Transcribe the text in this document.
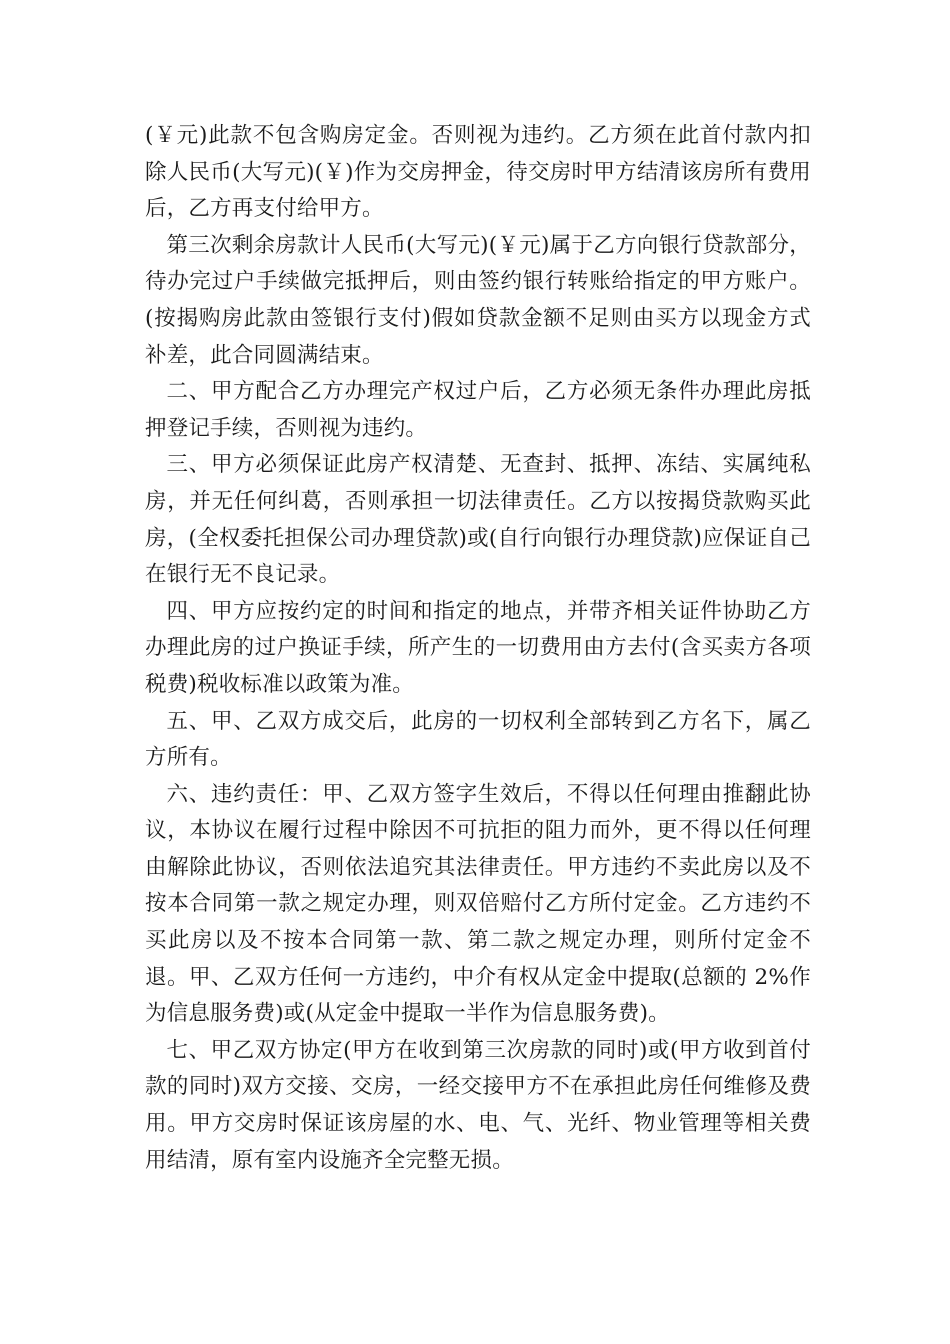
(￥元)此款不包含购房定金。否则视为违约。乙方须在此首付款内扣除人民币(大写元)(￥)作为交房押金，待交房时甲方结清该房所有费用后，乙方再支付给甲方。

第三次剩余房款计人民币(大写元)(￥元)属于乙方向银行贷款部分，待办完过户手续做完抵押后，则由签约银行转账给指定的甲方账户。(按揭购房此款由签银行支付)假如贷款金额不足则由买方以现金方式补差，此合同圆满结束。

二、甲方配合乙方办理完产权过户后，乙方必须无条件办理此房抵押登记手续，否则视为违约。

三、甲方必须保证此房产权清楚、无查封、抵押、冻结、实属纯私房，并无任何纠葛，否则承担一切法律责任。乙方以按揭贷款购买此房，(全权委托担保公司办理贷款)或(自行向银行办理贷款)应保证自己在银行无不良记录。

四、甲方应按约定的时间和指定的地点，并带齐相关证件协助乙方办理此房的过户换证手续，所产生的一切费用由方去付(含买卖方各项税费)税收标准以政策为准。

五、甲、乙双方成交后，此房的一切权利全部转到乙方名下，属乙方所有。

六、违约责任：甲、乙双方签字生效后，不得以任何理由推翻此协议，本协议在履行过程中除因不可抗拒的阻力而外，更不得以任何理由解除此协议，否则依法追究其法律责任。甲方违约不卖此房以及不按本合同第一款之规定办理，则双倍赔付乙方所付定金。乙方违约不买此房以及不按本合同第一款、第二款之规定办理，则所付定金不退。甲、乙双方任何一方违约，中介有权从定金中提取(总额的 2%作为信息服务费)或(从定金中提取一半作为信息服务费)。

七、甲乙双方协定(甲方在收到第三次房款的同时)或(甲方收到首付款的同时)双方交接、交房，一经交接甲方不在承担此房任何维修及费用。甲方交房时保证该房屋的水、电、气、光纤、物业管理等相关费用结清，原有室内设施齐全完整无损。
